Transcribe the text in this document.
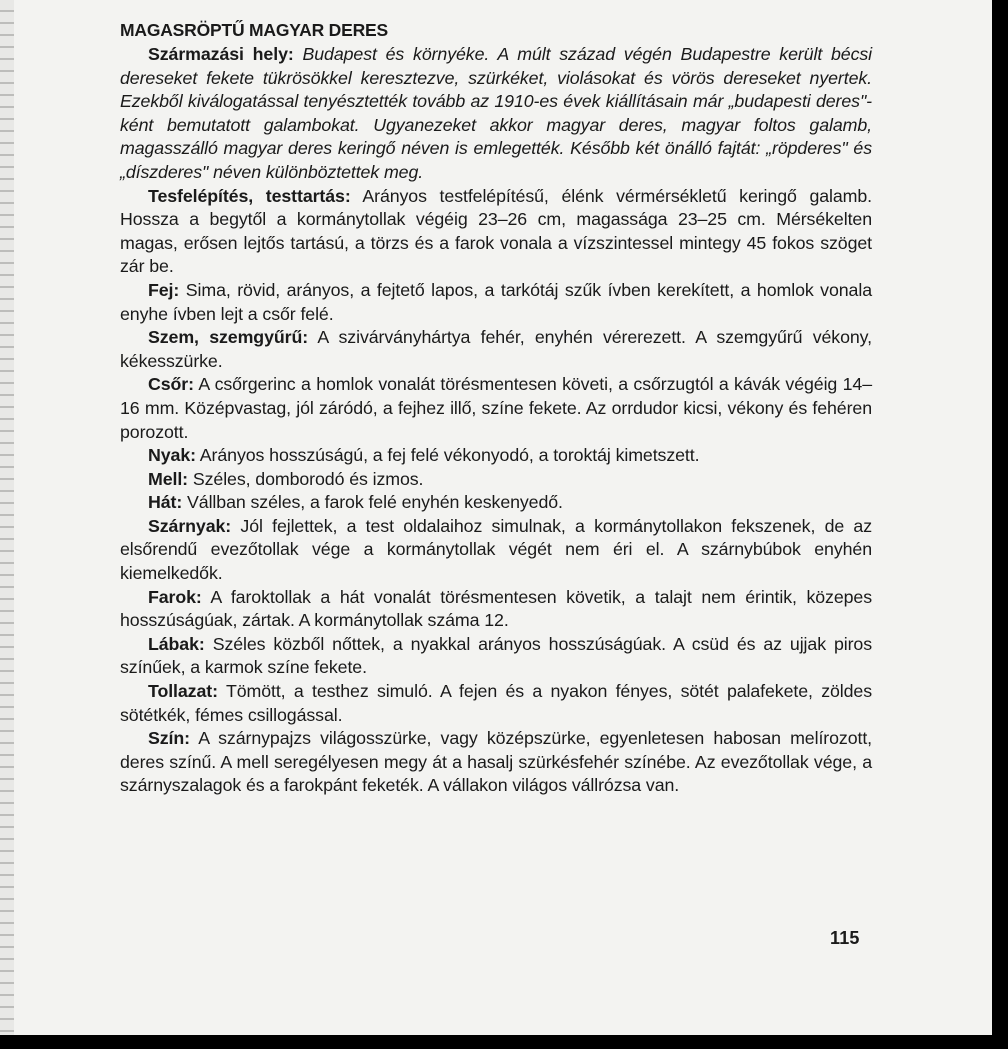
MAGASRÖPTŰ MAGYAR DERES

Származási hely: Budapest és környéke. A múlt század végén Budapestre került bécsi dereseket fekete tükrösökkel keresztezve, szürkéket, violásokat és vörös dereseket nyertek. Ezekből kiválogatással tenyésztették tovább az 1910-es évek kiállításain már „budapesti deres"-ként bemutatott galambokat. Ugyanezeket akkor magyar deres, magyar foltos galamb, magasszálló magyar deres keringő néven is emlegették. Később két önálló fajtát: „röpderes" és „díszderes" néven különböztettek meg.

Tesfelépítés, testtartás: Arányos testfelépítésű, élénk vérmérsékletű keringő galamb. Hossza a begytől a kormánytollak végéig 23–26 cm, magassága 23–25 cm. Mérsékelten magas, erősen lejtős tartású, a törzs és a farok vonala a vízszintessel mintegy 45 fokos szöget zár be.

Fej: Sima, rövid, arányos, a fejtető lapos, a tarkótáj szűk ívben kerekített, a homlok vonala enyhe ívben lejt a csőr felé.

Szem, szemgyűrű: A szivárványhártya fehér, enyhén vérerezett. A szemgyűrű vékony, kékesszürke.

Csőr: A csőrgerinc a homlok vonalát törésmentesen követi, a csőrzugtól a kávák végéig 14–16 mm. Középvastag, jól záródó, a fejhez illő, színe fekete. Az orrdudor kicsi, vékony és fehéren porozott.

Nyak: Arányos hosszúságú, a fej felé vékonyodó, a toroktáj kimetszett.

Mell: Széles, domborodó és izmos.

Hát: Vállban széles, a farok felé enyhén keskenyedő.

Szárnyak: Jól fejlettek, a test oldalaihoz simulnak, a kormánytollakon fekszenek, de az elsőrendű evezőtollak vége a kormánytollak végét nem éri el. A szárnybúbok enyhén kiemelkedők.

Farok: A faroktollak a hát vonalát törésmentesen követik, a talajt nem érintik, közepes hosszúságúak, zártak. A kormánytollak száma 12.

Lábak: Széles közből nőttek, a nyakkal arányos hosszúságúak. A csüd és az ujjak piros színűek, a karmok színe fekete.

Tollazat: Tömött, a testhez simuló. A fejen és a nyakon fényes, sötét palafekete, zöldes sötétkék, fémes csillogással.

Szín: A szárnypajzs világosszürke, vagy középszürke, egyenletesen habosan melírozott, deres színű. A mell seregélyesen megy át a hasalj szürkésfehér színébe. Az evezőtollak vége, a szárnyszalagok és a farokpánt feketék. A vállakon világos vállrózsa van.

115
